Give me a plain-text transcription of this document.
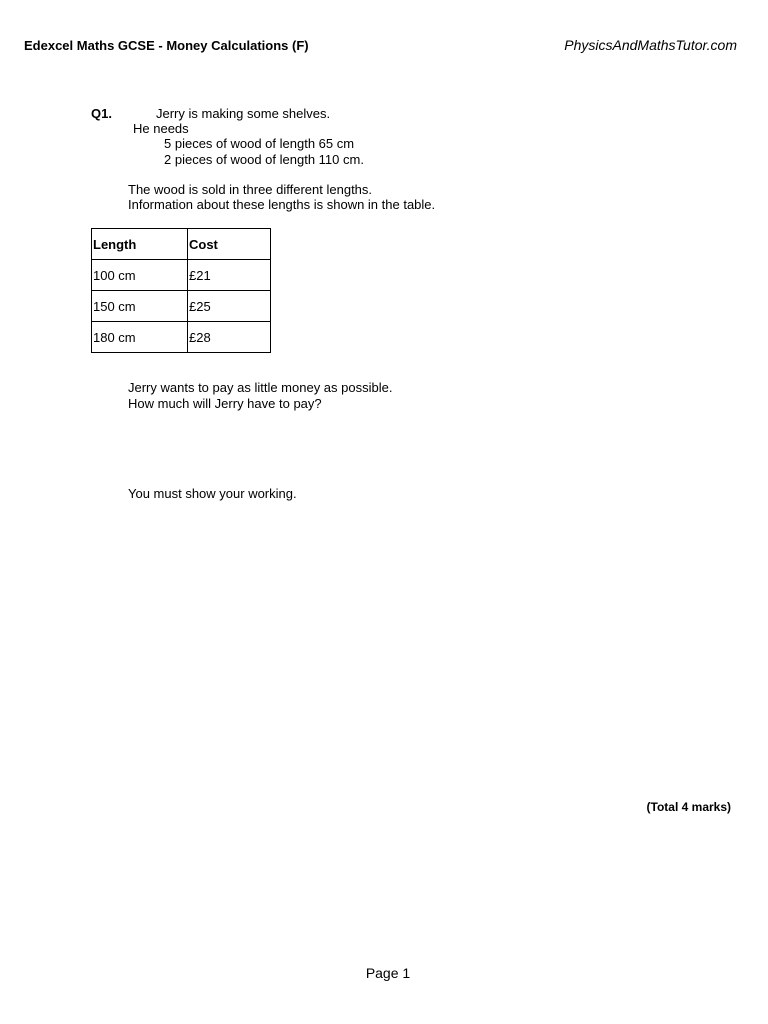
Edexcel Maths GCSE - Money Calculations (F)	PhysicsAndMathsTutor.com
Q1.	Jerry is making some shelves.
He needs
5 pieces of wood of length 65 cm
2 pieces of wood of length 110 cm.
The wood is sold in three different lengths.
Information about these lengths is shown in the table.
Length	Cost
100 cm	£21
150 cm	£25
180 cm	£28
Jerry wants to pay as little money as possible.
How much will Jerry have to pay?
You must show your working.
(Total 4 marks)
Page 1
